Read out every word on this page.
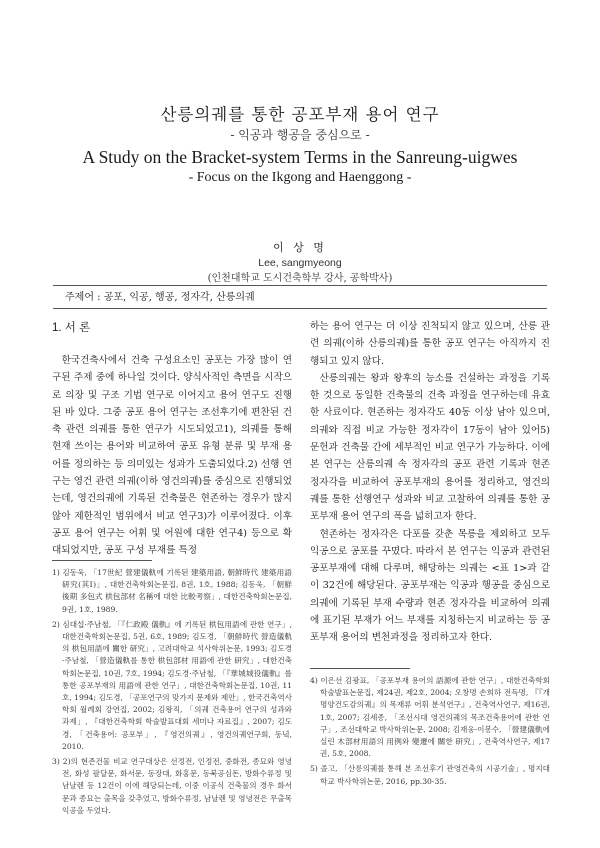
산릉의궤를 통한 공포부재 용어 연구
- 익공과 행공을 중심으로 -
A Study on the Bracket-system Terms in the Sanreung-uigwes
- Focus on the Ikgong and Haenggong -
이 상 명
Lee, sangmyeong
(인천대학교 도시건축학부 강사, 공학박사)
주제어 : 공포, 익공, 행공, 정자각, 산릉의궤
1. 서 론

한국건축사에서 건축 구성요소인 공포는 가장 많이 연구된 주제 중에 하나일 것이다. 양식사적인 측면을 시작으로 의장 및 구조 기법 연구로 이어지고 용어 연구도 진행된 바 있다. 그중 공포 용어 연구는 조선후기에 편찬된 건축 관련 의궤를 통한 연구가 시도되었고1), 의궤를 통해 현재 쓰이는 용어와 비교하여 공포 유형 분류 및 부재 용어를 정의하는 등 의미있는 성과가 도출되었다.2) 선행 연구는 영건 관련 의궤(이하 영건의궤)를 중심으로 진행되었는데, 영건의궤에 기록된 건축물은 현존하는 경우가 많지 않아 제한적인 범위에서 비교 연구3)가 이루어졌다. 이후 공포 용어 연구는 어휘 및 어원에 대한 연구4) 등으로 확대되었지만, 공포 구성 부재를 특정

하는 용어 연구는 더 이상 진척되지 않고 있으며, 산릉 관련 의궤(이하 산릉의궤)를 통한 공포 연구는 아직까지 진행되고 있지 않다.

산릉의궤는 왕과 왕후의 능소를 건설하는 과정을 기록한 것으로 동일한 건축물의 건축 과정을 연구하는데 유효한 사료이다. 현존하는 정자각도 40동 이상 남아 있으며, 의궤와 직접 비교 가능한 정자각이 17동이 남아 있어5) 문헌과 건축물 간에 세부적인 비교 연구가 가능하다. 이에 본 연구는 산릉의궤 속 정자각의 공포 관련 기록과 현존 정자각을 비교하여 공포부재의 용어를 정리하고, 영건의궤를 통한 선행연구 성과와 비교 고찰하여 의궤를 통한 공포부재 용어 연구의 폭을 넓히고자 한다.

현존하는 정자각은 다포를 갖춘 목릉을 제외하고 모두 익공으로 공포를 꾸몄다. 따라서 본 연구는 익공과 관련된 공포부재에 대해 다루며, 해당하는 의궤는 <표 1>과 같이 32건에 해당된다. 공포부재는 익공과 행공을 중심으로 의궤에 기록된 부재 수량과 현존 정자각을 비교하여 의궤에 표기된 부재가 어느 부재를 지칭하는지 비교하는 등 공포부재 용어의 변천과정을 정리하고자 한다.

1) 김동욱, 「17世紀 營建儀軌에 기록된 建築用語, 朝鮮時代 建築用語 研究(其Ⅰ)」, 대한건축학회논문집, 8권, 1호, 1988; 김동욱, 「朝鮮後期 多包式 栱包部材 名稱에 대한 比較考察」, 대한건축학회논문집, 9권, 1호, 1989.

2) 심대섭·주남철, 「『仁政殿 儀軌』에 기록된 栱包用語에 관한 연구」, 대한건축학회논문집, 5권, 6호, 1989; 김도경, 「朝鮮時代 營造儀軌의 栱包用語에 關한 研究」, 고려대학교 석사학위논문, 1993; 김도경·주남철, 「營造儀軌를 통한 栱包部材 用語에 관한 研究」, 대한건축학회논문집, 10권, 7호, 1994; 김도경·주남철, 「『華城城役儀軌』를 통한 공포부재의 用語에 관한 연구」, 대한건축학회논문집, 10권, 11호, 1994; 김도경, 「공포연구의 맞가지 문제와 제안」, 한국건축역사학회 월례회 강연집, 2002; 김왕직, 「의궤 건축용어 연구의 성과와 과제」, 『대한건축학회 학술발표대회 세미나 자료집』, 2007; 김도경, 「건축용어: 공포부」, 『영건의궤』, 영건의궤연구회, 동녘, 2010.

3) 2)의 현존건물 비교 연구대상은 선정전, 인정전, 중화전, 종묘와 영녕전, 화성 팔달문, 화서문, 동장대, 화홍문, 동북공심돈, 방화수류정 및 남날렌 등 12건이 이에 해당되는데, 이중 이공식 건축물의 경우 화서문과 종묘는 출목을 갖추었고, 방화수류정, 남날렌 및 영녕전은 무출목 익공을 두었다.

4) 이은선 김광표, 「공포부재 용어의 語源에 관한 연구」, 대한건축학회 학술발표논문집, 제24권, 제2호, 2004; 오창명 손희하 전득명, 『『개명양건도감의궤』의 목재류 어휘 분석연구』, 건축역사연구, 제16권, 1호, 2007; 김세종, 「조선시대 영건의궤의 목조건축용어에 관한 연구」, 조선대학교 박사학위논문, 2008; 김재웅·이봉수, 「營建儀軌에 실린 木部材用語의 用例와 變遷에 關한 研究」, 건축역사연구, 제17권, 5호, 2008.

5) 졸고, 「산릉의궤를 통해 본 조선후기 관영건축의 시공기술」, 명지대학교 박사학위논문, 2016, pp.30-35.
